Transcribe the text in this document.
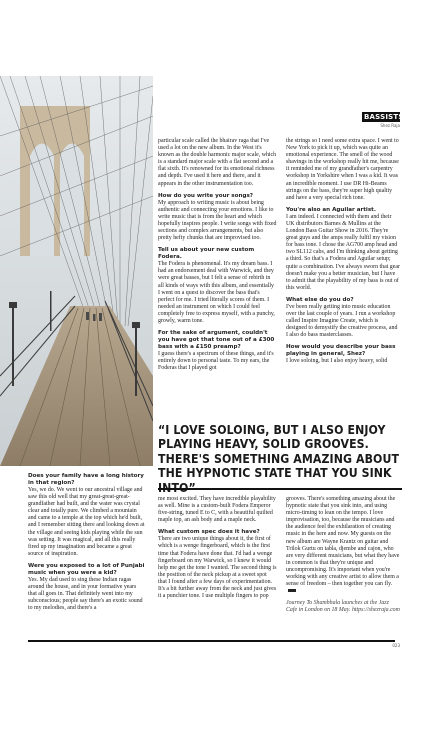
BASSISTS
Shez Raja
Does your family have a long history in that region?

Yes, we do. We went to our ancestral village and saw this old well that my great-great-great-grandfather had built, and the water was crystal clear and totally pure. We climbed a mountain and came to a temple at the top which he'd built, and I remember sitting there and looking down at the village and seeing kids playing while the sun was setting. It was magical, and all this really fired up my imagination and became a great source of inspiration.

Were you exposed to a lot of Punjabi music when you were a kid?

Yes. My dad used to sing these Indian ragas around the house, and in your formative years that all goes in. That definitely went into my subconscious; people say there's an exotic sound to my melodies, and there's a

particular scale called the bhairav raga that I've used a lot on the new album. In the West it's known as the double harmonic major scale, which is a standard major scale with a flat second and a flat sixth. It's renowned for its emotional richness and depth. I've used it here and there, and it appears in the other instrumentation too.

How do you write your songs?

My approach to writing music is about being authentic and connecting your emotions. I like to write music that is from the heart and which hopefully inspires people. I write songs with fixed sections and complex arrangements, but also pretty hefty chunks that are improvised too.

Tell us about your new custom Fodera.

The Fodera is phenomenal. It's my dream bass. I had an endorsement deal with Warwick, and they were great basses, but I felt a sense of rebirth in all kinds of ways with this album, and essentially I went on a quest to discover the bass that's perfect for me. I tried literally scores of them. I needed an instrument on which I could feel completely free to express myself, with a punchy, growly, warm tone.

For the sake of argument, couldn't you have got that tone out of a £300 bass with a £150 preamp?

I guess there's a spectrum of these things, and it's entirely down to personal taste. To my ears, the Foderas that I played got

the strings so I need some extra space. I went to New York to pick it up, which was quite an emotional experience. The smell of the wood shavings in the workshop really hit me, because it reminded me of my grandfather's carpentry workshop in Yorkshire when I was a kid. It was an incredible moment. I use DR Hi-Beams strings on the bass, they're super high quality and have a very special rich tone.

You're also an Aguilar artist.

I am indeed. I connected with them and their UK distributors Barnes & Mullins at the London Bass Guitar Show in 2016. They're great guys and the amps really fulfil my vision for bass tone. I chose the AG700 amp head and two SL112 cabs, and I'm thinking about getting a third. So that's a Fodera and Aguilar setup; quite a combination. I've always sworn that gear doesn't make you a better musician, but I have to admit that the playability of my bass is out of this world.

What else do you do?

I've been really getting into music education over the last couple of years. I run a workshop called Inspire Imagine Create, which is designed to demystify the creative process, and I also do bass masterclasses.

How would you describe your bass playing in general, Shez?

I love soloing, but I also enjoy heavy, solid

“I LOVE SOLOING, BUT I ALSO ENJOY PLAYING HEAVY, SOLID GROOVES. THERE'S SOMETHING AMAZING ABOUT THE HYPNOTIC STATE THAT YOU SINK

me most excited. They have incredible playability as well. Mine is a custom-built Fodera Emperor five-string, tuned E to C, with a beautiful quilted maple top, an ash body and a maple neck.

What custom spec does it have?

There are two unique things about it, the first of which is a wenge fingerboard, which is the first time that Fodera have done that. I'd had a wenge fingerboard on my Warwick, so I knew it would help me get the tone I wanted. The second thing is the position of the neck pickup at a sweet spot that I found after a few days of experimentation. It's a bit further away from the neck and just gives it a punchier tone. I use multiple fingers to pop

grooves. There's something amazing about the hypnotic state that you sink into, and using micro-timing to lean on the tempo. I love improvisation, too, because the musicians and the audience feel the exhilaration of creating music in the here and now. My guests on the new album are Wayne Krantz on guitar and Trilok Gurtu on tabla, djembe and cajon, who are very different musicians, but what they have in common is that they're unique and uncompromising. It's important when you're working with any creative artist to allow them a sense of freedom – then together you can fly.

Journey To Shambhala launches at the Jazz Cafe in London on 18 May. https://shezraja.com

023
